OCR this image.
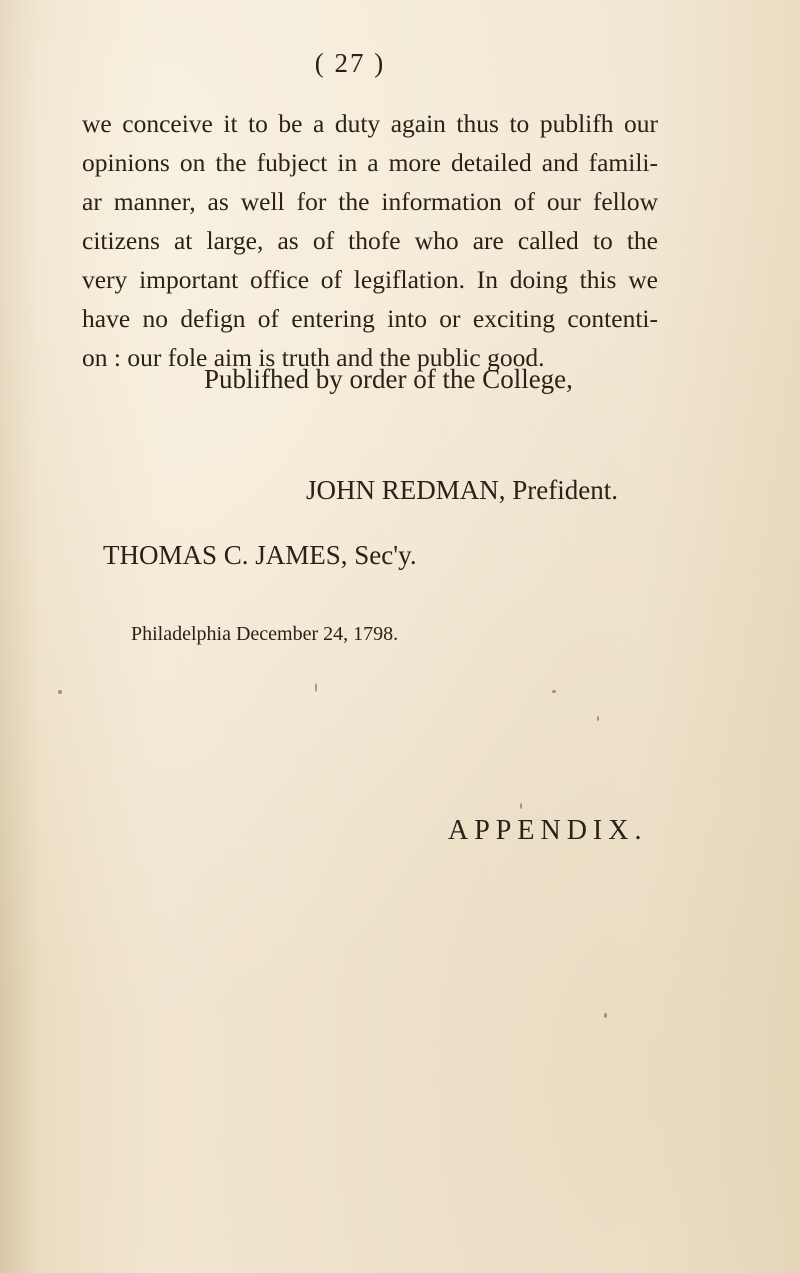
( 27 )

we conceive it to be a duty again thus to publifh our
opinions on the fubject in a more detailed and famili-
ar manner, as well for the information of our fellow
citizens at large, as of thofe who are called to the
very important office of legiflation. In doing this we
have no defign of entering into or exciting contenti-
on : our fole aim is truth and the public good.

Publifhed by order of the College,
JOHN REDMAN, Prefident.
THOMAS C. JAMES, Sec'y.
Philadelphia December 24, 1798.
APPENDIX.
